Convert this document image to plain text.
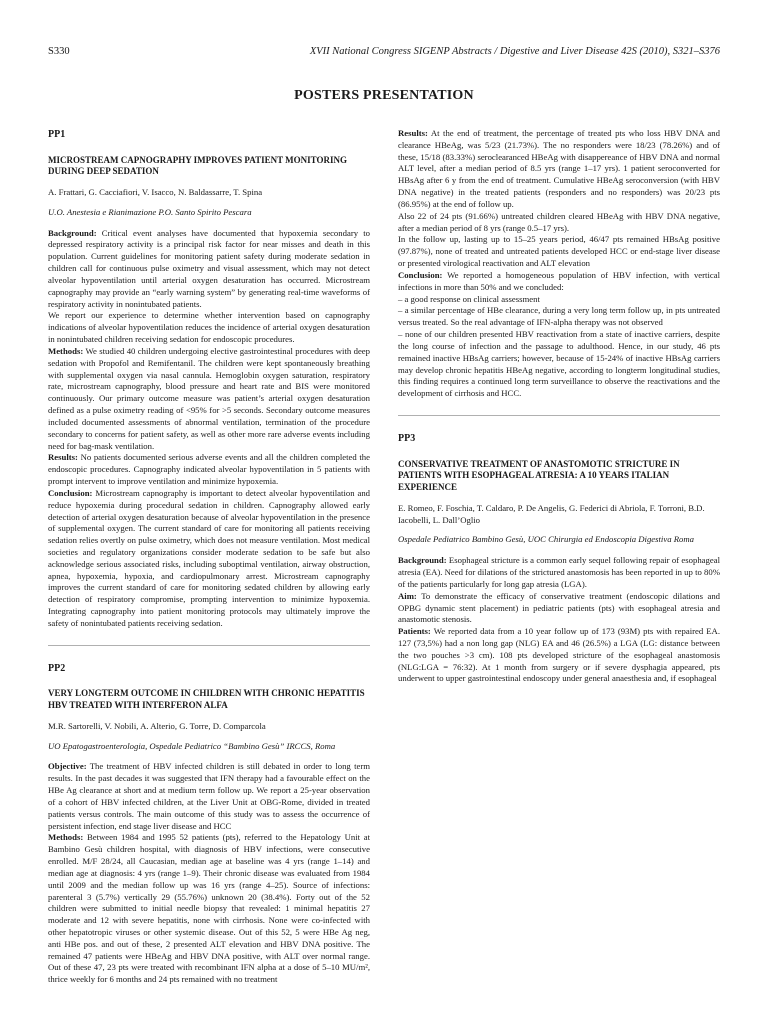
S330	XVII National Congress SIGENP Abstracts / Digestive and Liver Disease 42S (2010), S321–S376
POSTERS PRESENTATION
PP1
MICROSTREAM CAPNOGRAPHY IMPROVES PATIENT MONITORING DURING DEEP SEDATION
A. Frattari, G. Cacciafiori, V. Isacco, N. Baldassarre, T. Spina
U.O. Anestesia e Rianimazione P.O. Santo Spirito Pescara

Background: Critical event analyses have documented that hypoxemia secondary to depressed respiratory activity is a principal risk factor for near misses and death in this population. Current guidelines for monitoring patient safety during moderate sedation in children call for continuous pulse oximetry and visual assessment, which may not detect alveolar hypoventilation until arterial oxygen desaturation has occurred. Microstream capnography may provide an “early warning system” by generating real-time waveforms of respiratory activity in nonintubated patients.

We report our experience to determine whether intervention based on capnography indications of alveolar hypoventilation reduces the incidence of arterial oxygen desaturation in nonintubated children receiving sedation for endoscopic procedures.

Methods: We studied 40 children undergoing elective gastrointestinal procedures with deep sedation with Propofol and Remifentanil. The children were kept spontaneously breathing with supplemental oxygen via nasal cannula. Hemoglobin oxygen saturation, respiratory rate, microstream capnography, blood pressure and heart rate and BIS were monitored continuously. Our primary outcome measure was patient’s arterial oxygen desaturation defined as a pulse oximetry reading of <95% for >5 seconds. Secondary outcome measures included documented assessments of abnormal ventilation, termination of the procedure secondary to concerns for patient safety, as well as other more rare adverse events including need for bag-mask ventilation.

Results: No patients documented serious adverse events and all the children completed the endoscopic procedures. Capnography indicated alveolar hypoventilation in 5 patients with prompt intervent to improve ventilation and minimize hypoxemia.

Conclusion: Microstream capnography is important to detect alveolar hypoventilation and reduce hypoxemia during procedural sedation in children. Capnography allowed early detection of arterial oxygen desaturation because of alveolar hypoventilation in the presence of supplemental oxygen. The current standard of care for monitoring all patients receiving sedation relies overtly on pulse oximetry, which does not measure ventilation. Most medical societies and regulatory organizations consider moderate sedation to be safe but also acknowledge serious associated risks, including suboptimal ventilation, airway obstruction, apnea, hypoxemia, hypoxia, and cardiopulmonary arrest. Microstream capnography improves the current standard of care for monitoring sedated children by allowing early detection of respiratory compromise, prompting intervention to minimize hypoxemia. Integrating capnography into patient monitoring protocols may ultimately improve the safety of nonintubated patients receiving sedation.

PP2
VERY LONGTERM OUTCOME IN CHILDREN WITH CHRONIC HEPATITIS HBV TREATED WITH INTERFERON ALFA
M.R. Sartorelli, V. Nobili, A. Alterio, G. Torre, D. Comparcola
UO Epatogastroenterologia, Ospedale Pediatrico “Bambino Gesù” IRCCS, Roma

Objective: The treatment of HBV infected children is still debated in order to long term results. In the past decades it was suggested that IFN therapy had a favourable effect on the HBe Ag clearance at short and at medium term follow up. We report a 25-year observation of a cohort of HBV infected children, at the Liver Unit at OBG-Rome, divided in treated patients versus controls. The main outcome of this study was to assess the occurrence of persistent infection, end stage liver disease and HCC

Methods: Between 1984 and 1995 52 patients (pts), referred to the Hepatology Unit at Bambino Gesù children hospital, with diagnosis of HBV infections, were consecutive enrolled. M/F 28/24, all Caucasian, median age at baseline was 4 yrs (range 1–14) and median age at diagnosis: 4 yrs (range 1–9). Their chronic disease was evaluated from 1984 until 2009 and the median follow up was 16 yrs (range 4–25). Source of infections: parenteral 3 (5.7%) vertically 29 (55.76%) unknown 20 (38.4%). Forty out of the 52 children were submitted to initial needle biopsy that revealed: 1 minimal hepatitis 27 moderate and 12 with severe hepatitis, none with cirrhosis. None were co-infected with other hepatotropic viruses or other systemic disease. Out of this 52, 5 were HBe Ag neg, anti HBe pos. and out of these, 2 presented ALT elevation and HBV DNA positive. The remained 47 patients were HBeAg and HBV DNA positive, with ALT over normal range. Out of these 47, 23 pts were treated with recombinant IFN alpha at a dose of 5–10 MU/m², thrice weekly for 6 months and 24 pts remained with no treatment

Results: At the end of treatment, the percentage of treated pts who loss HBV DNA and clearance HBeAg, was 5/23 (21.73%). The no responders were 18/23 (78.26%) and of these, 15/18 (83.33%) seroclearanced HBeAg with disappereance of HBV DNA and normal ALT level, after a median period of 8.5 yrs (range 1–17 yrs). 1 patient seroconverted for HBsAg after 6 y from the end of treatment. Cumulative HBeAg seroconversion (with HBV DNA negative) in the treated patients (responders and no responders) was 20/23 pts (86.95%) at the end of follow up.

Also 22 of 24 pts (91.66%) untreated children cleared HBeAg with HBV DNA negative, after a median period of 8 yrs (range 0.5–17 yrs).

In the follow up, lasting up to 15–25 years period, 46/47 pts remained HBsAg positive (97.87%), none of treated and untreated patients developed HCC or end-stage liver disease or presented virological reactivation and ALT elevation

Conclusion: We reported a homogeneous population of HBV infection, with vertical infections in more than 50% and we concluded:

– a good response on clinical assessment

– a similar percentage of HBe clearance, during a very long term follow up, in pts untreated versus treated. So the real advantage of IFN-alpha therapy was not observed

– none of our children presented HBV reactivation from a state of inactive carriers, despite the long course of infection and the passage to adulthood. Hence, in our study, 46 pts remained inactive HBsAg carriers; however, because of 15-24% of inactive HBsAg carriers may develop chronic hepatitis HBeAg negative, according to longterm longitudinal studies, this finding requires a continued long term surveillance to observe the reactivations and the development of cirrhosis and HCC.

PP3
CONSERVATIVE TREATMENT OF ANASTOMOTIC STRICTURE IN PATIENTS WITH ESOPHAGEAL ATRESIA: A 10 YEARS ITALIAN EXPERIENCE
E. Romeo, F. Foschia, T. Caldaro, P. De Angelis, G. Federici di Abriola, F. Torroni, B.D. Iacobelli, L. Dall’Oglio
Ospedale Pediatrico Bambino Gesù, UOC Chirurgia ed Endoscopia Digestiva Roma

Background: Esophageal stricture is a common early sequel following repair of esophageal atresia (EA). Need for dilations of the strictured anastomosis has been reported in up to 80% of the patients particularly for long gap atresia (LGA).

Aim: To demonstrate the efficacy of conservative treatment (endoscopic dilations and OPBG dynamic stent placement) in pediatric patients (pts) with esophageal atresia and anastomotic stenosis.

Patients: We reported data from a 10 year follow up of 173 (93M) pts with repaired EA. 127 (73,5%) had a non long gap (NLG) EA and 46 (26.5%) a LGA (LG: distance between the two pouches >3 cm). 108 pts developed stricture of the esophageal anastomosis (NLG:LGA = 76:32). At 1 month from surgery or if severe dysphagia appeared, pts underwent to upper gastrointestinal endoscopy under general anaesthesia and, if esophageal
